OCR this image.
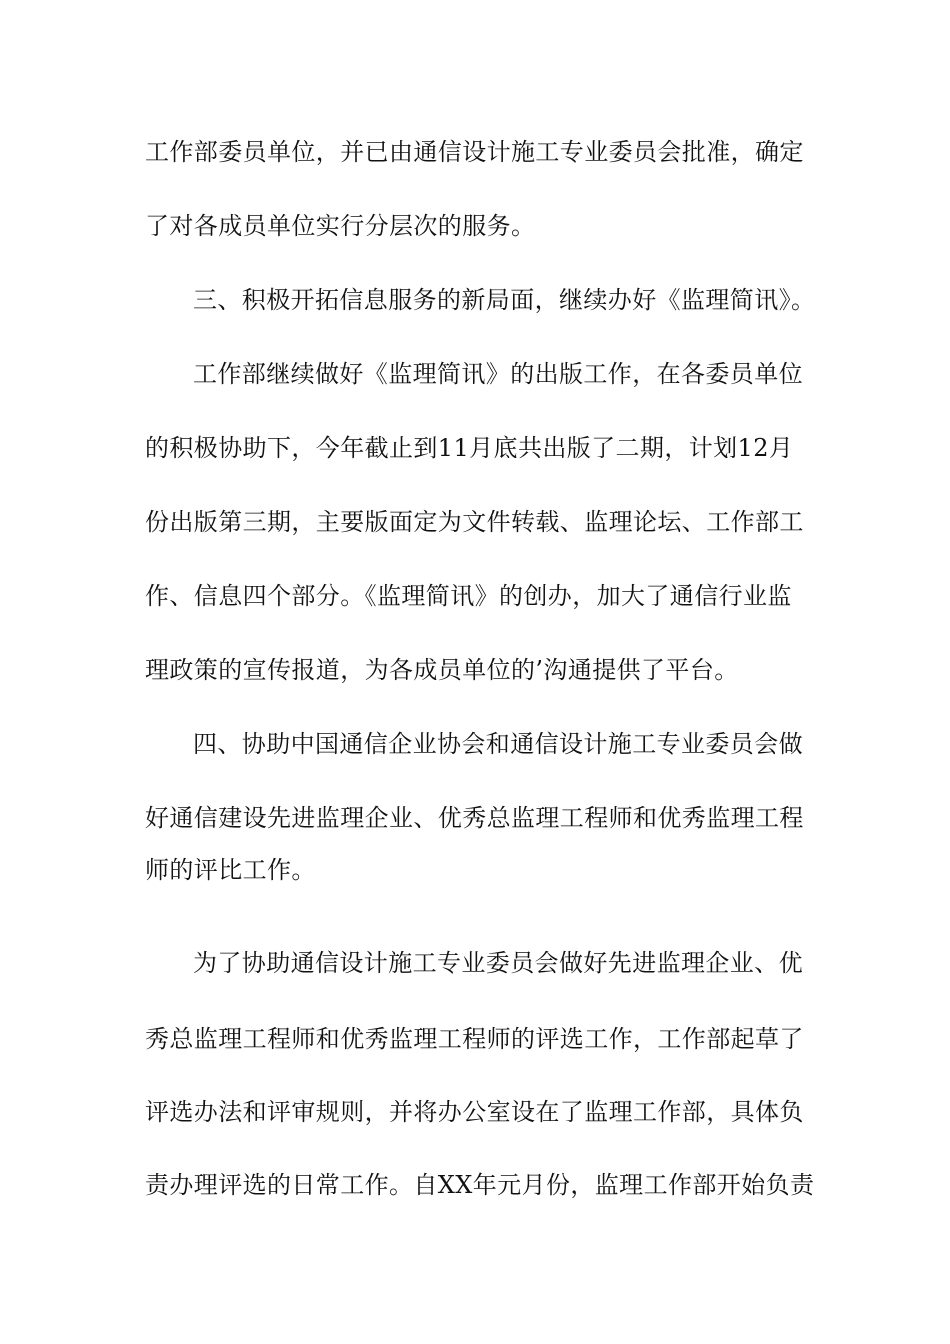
工作部委员单位，并已由通信设计施工专业委员会批准，确定
了对各成员单位实行分层次的服务。
三、积极开拓信息服务的新局面，继续办好《监理简讯》。
工作部继续做好《监理简讯》的出版工作，在各委员单位
的积极协助下，今年截止到11月底共出版了二期，计划12月
份出版第三期，主要版面定为文件转载、监理论坛、工作部工
作、信息四个部分。《监理简讯》的创办，加大了通信行业监
理政策的宣传报道，为各成员单位的’沟通提供了平台。
四、协助中国通信企业协会和通信设计施工专业委员会做
好通信建设先进监理企业、优秀总监理工程师和优秀监理工程
师的评比工作。
为了协助通信设计施工专业委员会做好先进监理企业、优
秀总监理工程师和优秀监理工程师的评选工作，工作部起草了
评选办法和评审规则，并将办公室设在了监理工作部，具体负
责办理评选的日常工作。自XX年元月份，监理工作部开始负责
